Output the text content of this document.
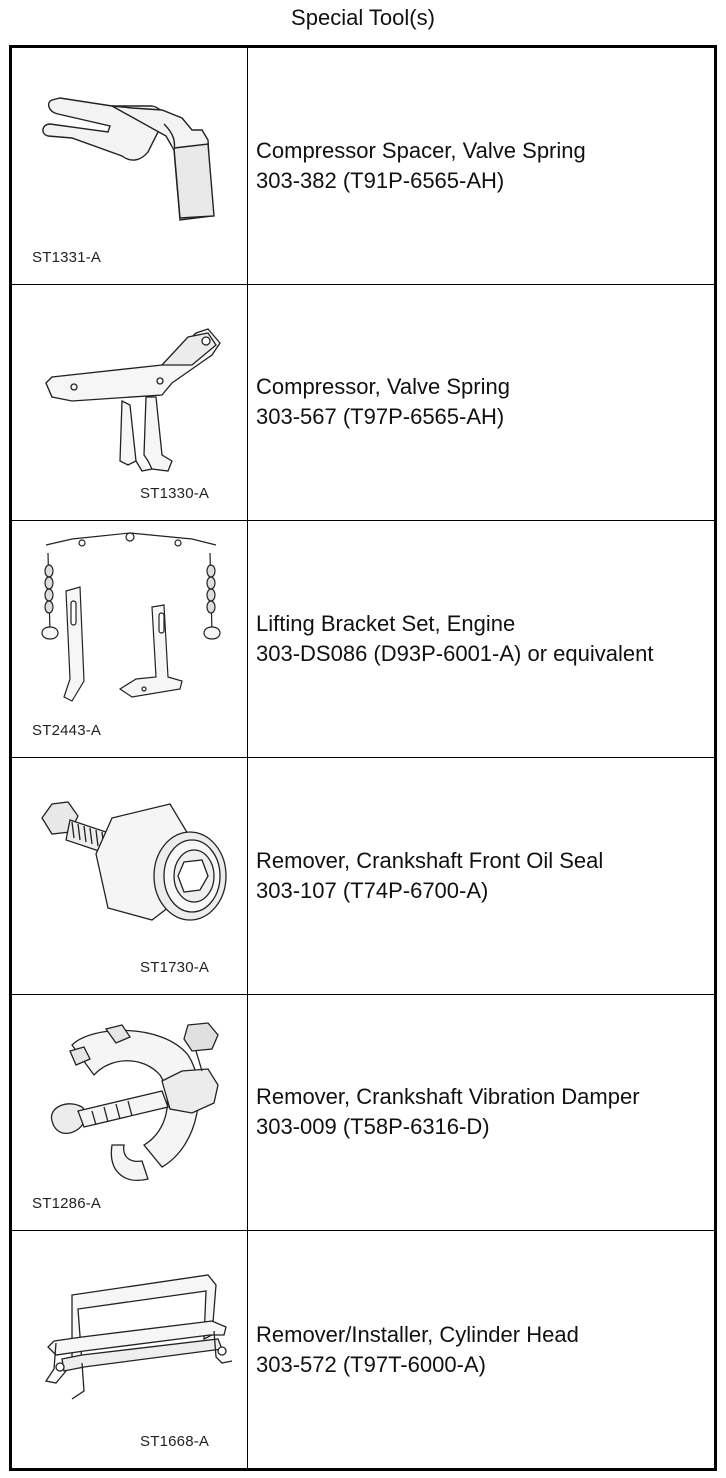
Special Tool(s)
ST1331-A
Compressor Spacer, Valve Spring
303-382 (T91P-6565-AH)
ST1330-A
Compressor, Valve Spring
303-567 (T97P-6565-AH)
ST2443-A
Lifting Bracket Set, Engine
303-DS086 (D93P-6001-A) or equivalent
ST1730-A
Remover, Crankshaft Front Oil Seal
303-107 (T74P-6700-A)
ST1286-A
Remover, Crankshaft Vibration Damper
303-009 (T58P-6316-D)
ST1668-A
Remover/Installer, Cylinder Head
303-572 (T97T-6000-A)
